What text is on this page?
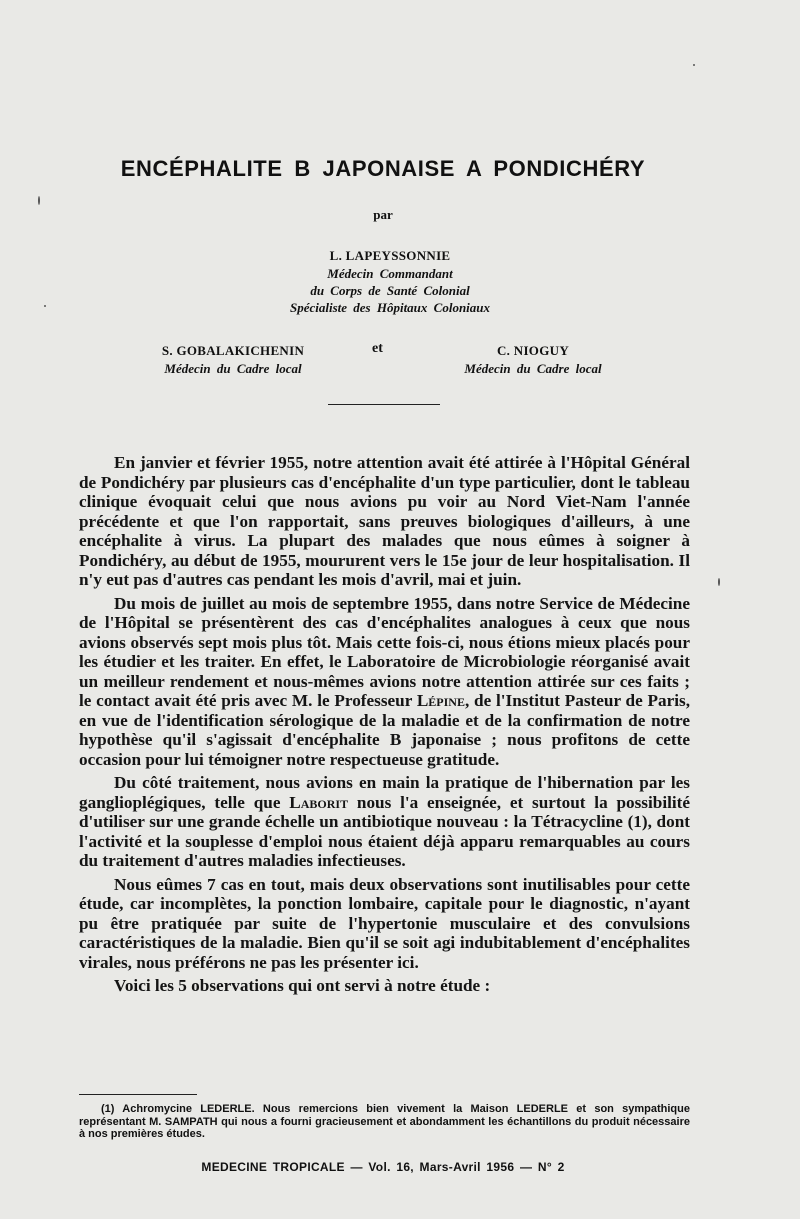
ENCÉPHALITE B JAPONAISE A PONDICHÉRY
par
L. LAPEYSSONNIE
Médecin Commandant
du Corps de Santé Colonial
Spécialiste des Hôpitaux Coloniaux
S. GOBALAKICHENIN
Médecin du Cadre local
et	C. NIOGUY
Médecin du Cadre local

En janvier et février 1955, notre attention avait été attirée à l'Hôpital Général de Pondichéry par plusieurs cas d'encéphalite d'un type particulier, dont le tableau clinique évoquait celui que nous avions pu voir au Nord Viet-Nam l'année précédente et que l'on rapportait, sans preuves biologiques d'ailleurs, à une encéphalite à virus. La plupart des malades que nous eûmes à soigner à Pondichéry, au début de 1955, moururent vers le 15e jour de leur hospitalisation. Il n'y eut pas d'autres cas pendant les mois d'avril, mai et juin.

Du mois de juillet au mois de septembre 1955, dans notre Service de Médecine de l'Hôpital se présentèrent des cas d'encéphalites analogues à ceux que nous avions observés sept mois plus tôt. Mais cette fois-ci, nous étions mieux placés pour les étudier et les traiter. En effet, le Laboratoire de Microbiologie réorganisé avait un meilleur rendement et nous-mêmes avions notre attention attirée sur ces faits ; le contact avait été pris avec M. le Professeur Lépine, de l'Institut Pasteur de Paris, en vue de l'identification sérologique de la maladie et de la confirmation de notre hypothèse qu'il s'agissait d'encéphalite B japonaise ; nous profitons de cette occasion pour lui témoigner notre respectueuse gratitude.

Du côté traitement, nous avions en main la pratique de l'hibernation par les ganglioplégiques, telle que Laborit nous l'a enseignée, et surtout la possibilité d'utiliser sur une grande échelle un antibiotique nouveau : la Tétracycline (1), dont l'activité et la souplesse d'emploi nous étaient déjà apparu remarquables au cours du traitement d'autres maladies infectieuses.

Nous eûmes 7 cas en tout, mais deux observations sont inutilisables pour cette étude, car incomplètes, la ponction lombaire, capitale pour le diagnostic, n'ayant pu être pratiquée par suite de l'hypertonie musculaire et des convulsions caractéristiques de la maladie. Bien qu'il se soit agi indubitablement d'encéphalites virales, nous préférons ne pas les présenter ici.

Voici les 5 observations qui ont servi à notre étude :

(1) Achromycine LEDERLE. Nous remercions bien vivement la Maison LEDERLE et son sympathique représentant M. SAMPATH qui nous a fourni gracieusement et abondamment les échantillons du produit nécessaire à nos premières études.
MEDECINE TROPICALE — Vol. 16, Mars-Avril 1956 — N° 2
